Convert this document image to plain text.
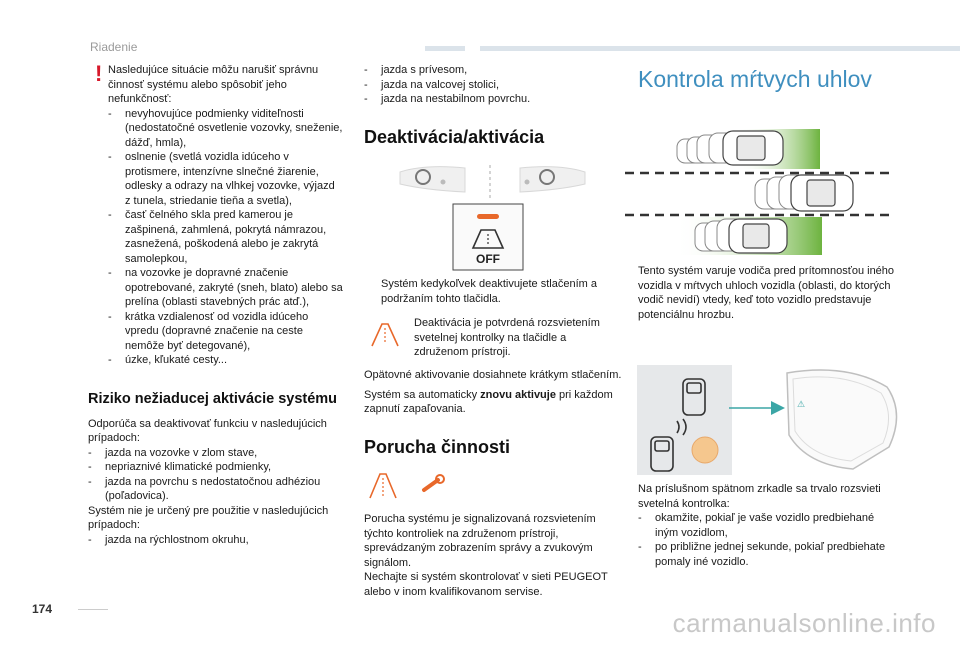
Riadenie
! Nasledujúce situácie môžu narušiť správnu činnosť systému alebo spôsobiť jeho nefunkčnosť:

- nevyhovujúce podmienky viditeľnosti (nedostatočné osvetlenie vozovky, sneženie, dážď, hmla),
- oslnenie (svetlá vozidla idúceho v protismere, intenzívne slnečné žiarenie, odlesky a odrazy na vlhkej vozovke, výjazd z tunela, striedanie tieňa a svetla),
- časť čelného skla pred kamerou je zašpinená, zahmlená, pokrytá námrazou, zasnežená, poškodená alebo je zakrytá samolepkou,
- na vozovke je dopravné značenie opotrebované, zakryté (sneh, blato) alebo sa prelína (oblasti stavebných prác atď.),
- krátka vzdialenosť od vozidla idúceho vpredu (dopravné značenie na ceste nemôže byť detegované),
- úzke, kľukaté cesty...
Riziko nežiaducej aktivácie systému

Odporúča sa deaktivovať funkciu v nasledujúcich prípadoch:

- jazda na vozovke v zlom stave,
- nepriaznivé klimatické podmienky,
- jazda na povrchu s nedostatočnou adhéziou (poľadovica).

Systém nie je určený pre použitie v nasledujúcich prípadoch:

- jazda na rýchlostnom okruhu,
- jazda s prívesom,
- jazda na valcovej stolici,
- jazda na nestabilnom povrchu.
Deaktivácia/aktivácia
OFF
Systém kedykoľvek deaktivujete stlačením a podržaním tohto tlačidla.
Deaktivácia je potvrdená rozsvietením svetelnej kontrolky na tlačidle a združenom prístroji.

Opätovné aktivovanie dosiahnete krátkym stlačením.

Systém sa automaticky znovu aktivuje pri každom zapnutí zapaľovania.

Porucha činnosti

Porucha systému je signalizovaná rozsvietením týchto kontroliek na združenom prístroji, sprevádzaným zobrazením správy a zvukovým signálom.

Nechajte si systém skontrolovať v sieti PEUGEOT alebo v inom kvalifikovanom servise.

Kontrola mŕtvych uhlov
Tento systém varuje vodiča pred prítomnosťou iného vozidla v mŕtvych uhloch vozidla (oblasti, do ktorých vodič nevidí) vtedy, keď toto vozidlo predstavuje potenciálnu hrozbu.
⚠

Na príslušnom spätnom zrkadle sa trvalo rozsvieti svetelná kontrolka:

- okamžite, pokiaľ je vaše vozidlo predbiehané iným vozidlom,
- po približne jednej sekunde, pokiaľ predbiehate pomaly iné vozidlo.
174	carmanualsonline.info
